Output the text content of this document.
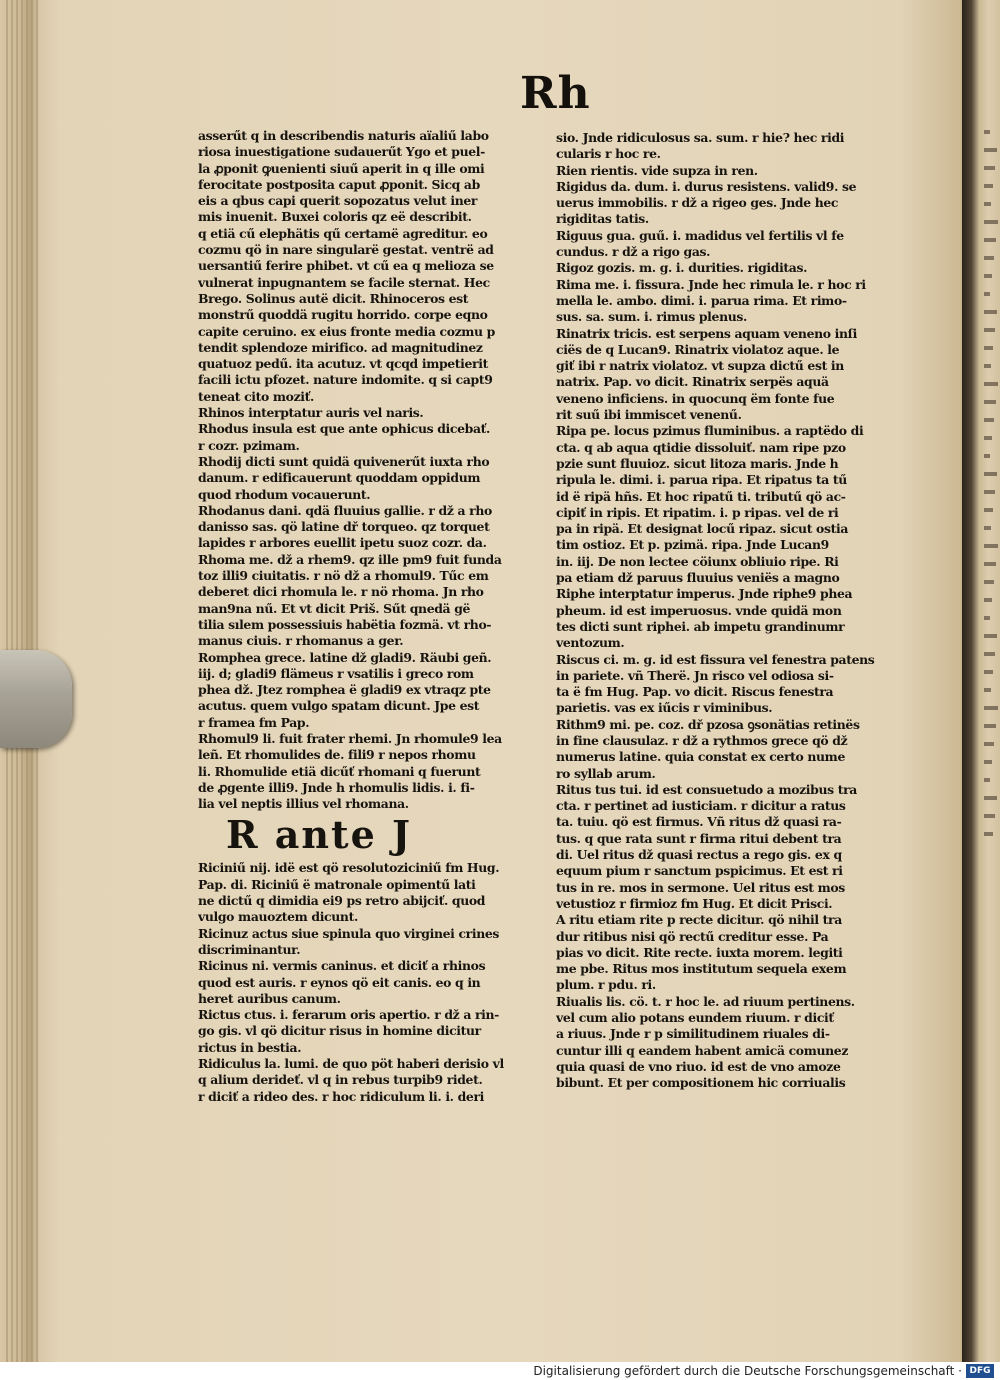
Rh
asserűt q in describendis naturis aïaliű labo
riosa inuestigatione sudauerűt Ygo et puel-
la ꝓponit ꝙuenienti siuű aperit in q ille omi
ferocitate postposita caput ꝓponit. Sicq ab
eis a qbus capi querit sopozatus velut iner
mis inuenit. Buxei coloris qz eë describit.
q etiä cű elephätis qű certamë agreditur. eo
cozmu qö in nare singularë gestat. ventrë ad
uersantiű ferire phibet. vt cű ea q melioza se
vulnerat inpugnantem se facile sternat. Hec
Brego. Solinus autë dicit. Rhinoceros est
monstrű quoddä rugitu horrido. corpe eqno
capite ceruino. ex eius fronte media cozmu p
tendit splendoze mirifico. ad magnitudinez
quatuoz pedű. ita acutuz. vt qcqd impetierit
facili ictu pfozet. nature indomite. q si capt9
teneat cito moziť.
Rhinos interptatur auris vel naris.
Rhodus insula est que ante ophicus dicebať.
r cozr. pzimam.
Rhodij dicti sunt quidä quivenerűt iuxta rho
danum. r edificauerunt quoddam oppidum
quod rhodum vocauerunt.
Rhodanus dani. qdä fluuius gallie. r dž a rho
danisso sas. qö latine dř torqueo. qz torquet
lapides r arbores euellit ipetu suoz cozr. da.
Rhoma me. dž a rhem9. qz ille pm9 fuit funda
toz illi9 ciuitatis. r nö dž a rhomul9. Tűc em
deberet dici rhomula le. r nö rhoma. Jn rho
man9na nű. Et vt dicit Priš. Sűt qnedä gë
tilia sılem possessiuis habëtia fozmä. vt rho-
manus ciuis. r rhomanus a ger.
Romphea grece. latine dž gladi9. Räubi geñ.
iij. d; gladi9 flämeus r vsatilis i greco rom
phea dž. Jtez romphea ë gladi9 ex vtraqz pte
acutus. quem vulgo spatam dicunt. Jpe est
r framea fm Pap.
Rhomul9 li. fuit frater rhemi. Jn rhomule9 lea
leñ. Et rhomulides de. fili9 r nepos rhomu
li. Rhomulide etiä dicűť rhomani q fuerunt
de ꝓgente illi9. Jnde h rhomulis lidis. i. fi-
lia vel neptis illius vel rhomana.
R ante J
Riciniű nij. idë est qö resolutoziciniű fm Hug.
Pap. di. Riciniű ë matronale opimentű lati
ne dictű q dimidia ei9 ps retro abijciť. quod
vulgo mauoztem dicunt.
Ricinuz actus siue spinula quo virginei crines
discriminantur.
Ricinus ni. vermis caninus. et diciť a rhinos
quod est auris. r eynos qö eit canis. eo q in
heret auribus canum.
Rictus ctus. i. ferarum oris apertio. r dž a rin-
go gis. vl qö dicitur risus in homine dicitur
rictus in bestia.
Ridiculus la. lumi. de quo pöt haberi derisio vl
q alium derideť. vl q in rebus turpib9 ridet.
r diciť a rideo des. r hoc ridiculum li. i. deri
sio. Jnde ridiculosus sa. sum. r hie? hec ridi
cularis r hoc re.
Rien rientis. vide supza in ren.
Rigidus da. dum. i. durus resistens. valid9. se
uerus immobilis. r dž a rigeo ges. Jnde hec
rigiditas tatis.
Riguus gua. guű. i. madidus vel fertilis vl fe
cundus. r dž a rigo gas.
Rigoz gozis. m. g. i. durities. rigiditas.
Rima me. i. fissura. Jnde hec rimula le. r hoc ri
mella le. ambo. dimi. i. parua rima. Et rimo-
sus. sa. sum. i. rimus plenus.
Rinatrix tricis. est serpens aquam veneno inſi
ciës de q Lucan9. Rinatrix violatoz aque. le
giť ibi r natrix violatoz. vt supza dictű est in
natrix. Pap. vo dicit. Rinatrix serpës aquä
veneno inficiens. in quocunq ëm fonte fue
rit suű ibi immiscet venenű.
Ripa pe. locus pzimus fluminibus. a raptëdo di
cta. q ab aqua qtidie dissoluiť. nam ripe pzo
pzie sunt fluuioz. sicut litoza maris. Jnde h
ripula le. dimi. i. parua ripa. Et ripatus ta tű
id ë ripä hñs. Et hoc ripatű ti. tributű qö ac-
cipiť in ripis. Et ripatim. i. p ripas. vel de ri
pa in ripä. Et designat locű ripaz. sicut ostia
tim ostioz. Et p. pzimä. ripa. Jnde Lucan9
in. iij. De non lectee cöiunx obliuio ripe. Ri
pa etiam dž paruus fluuius veniës a magno
Riphe interptatur imperus. Jnde riphe9 phea
pheum. id est imperuosus. vnde quidä mon
tes dicti sunt riphei. ab impetu grandinumr
ventozum.
Riscus ci. m. g. id est fissura vel fenestra patens
in pariete. vñ Therë. Jn risco vel odiosa si-
ta ë fm Hug. Pap. vo dicit. Riscus fenestra
parietis. vas ex iűcis r viminibus.
Rithm9 mi. pe. coz. dř pzosa ꝯsonätias retinës
in fine clausulaz. r dž a rythmos grece qö dž
numerus latine. quia constat ex certo nume
ro syllab arum.
Ritus tus tui. id est consuetudo a mozibus tra
cta. r pertinet ad iusticiam. r dicitur a ratus
ta. tuiu. qö est firmus. Vñ ritus dž quasi ra-
tus. q que rata sunt r firma ritui debent tra
di. Uel ritus dž quasi rectus a rego gis. ex q
equum pium r sanctum pspicimus. Et est ri
tus in re. mos in sermone. Uel ritus est mos
vetustioz r firmioz fm Hug. Et dicit Prisci.
A ritu etiam rite p recte dicitur. qö nihil tra
dur ritibus nisi qö rectű creditur esse. Pa
pias vo dicit. Rite recte. iuxta morem. legiti
me pbe. Ritus mos institutum sequela exem
plum. r pdu. ri.
Riualis lis. cö. t. r hoc le. ad riuum pertinens.
vel cum alio potans eundem riuum. r diciť
a riuus. Jnde r p similitudinem riuales di-
cuntur illi q eandem habent amicä comunez
quia quasi de vno riuo. id est de vno amoze
bibunt. Et per compositionem hic corriualis
Digitalisierung gefördert durch die Deutsche Forschungsgemeinschaft · DFG
